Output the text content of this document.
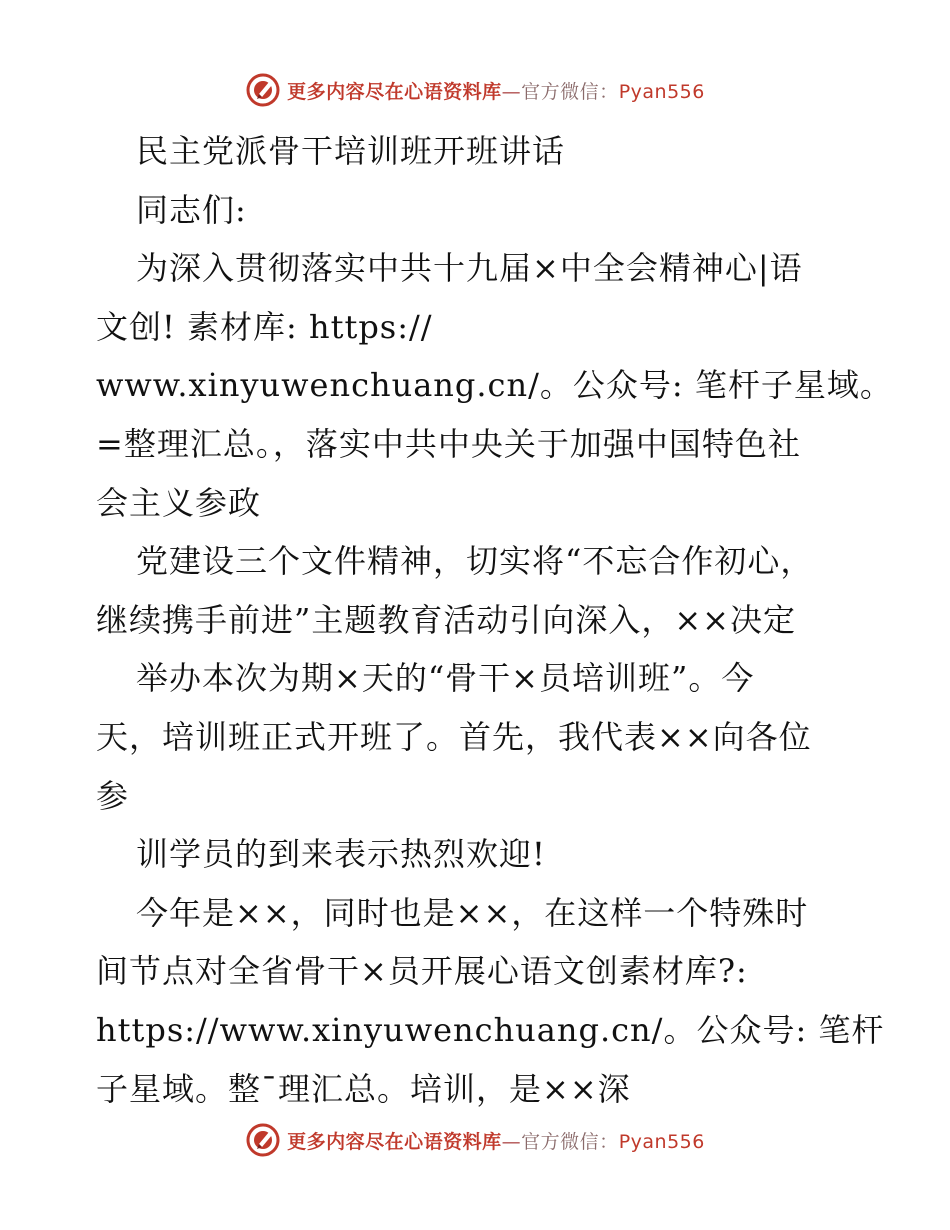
更多内容尽在心语资料库—官方微信：Pyan556
民主党派骨干培训班开班讲话
同志们:
为深入贯彻落实中共十九届×中全会精神心|语
文创! 素材库: https://
www.xinyuwenchuang.cn/。公众号: 笔杆子星域。
=整理汇总。，落实中共中央关于加强中国特色社
会主义参政
党建设三个文件精神，切实将“不忘合作初心，
继续携手前进”主题教育活动引向深入，××决定
举办本次为期×天的“骨干×员培训班”。今
天，培训班正式开班了。首先，我代表××向各位
参
训学员的到来表示热烈欢迎!
今年是××，同时也是××，在这样一个特殊时
间节点对全省骨干×员开展心语文创素材库?:
https://www.xinyuwenchuang.cn/。公众号: 笔杆
子星域。整¯理汇总。培训，是××深
更多内容尽在心语资料库—官方微信：Pyan556
